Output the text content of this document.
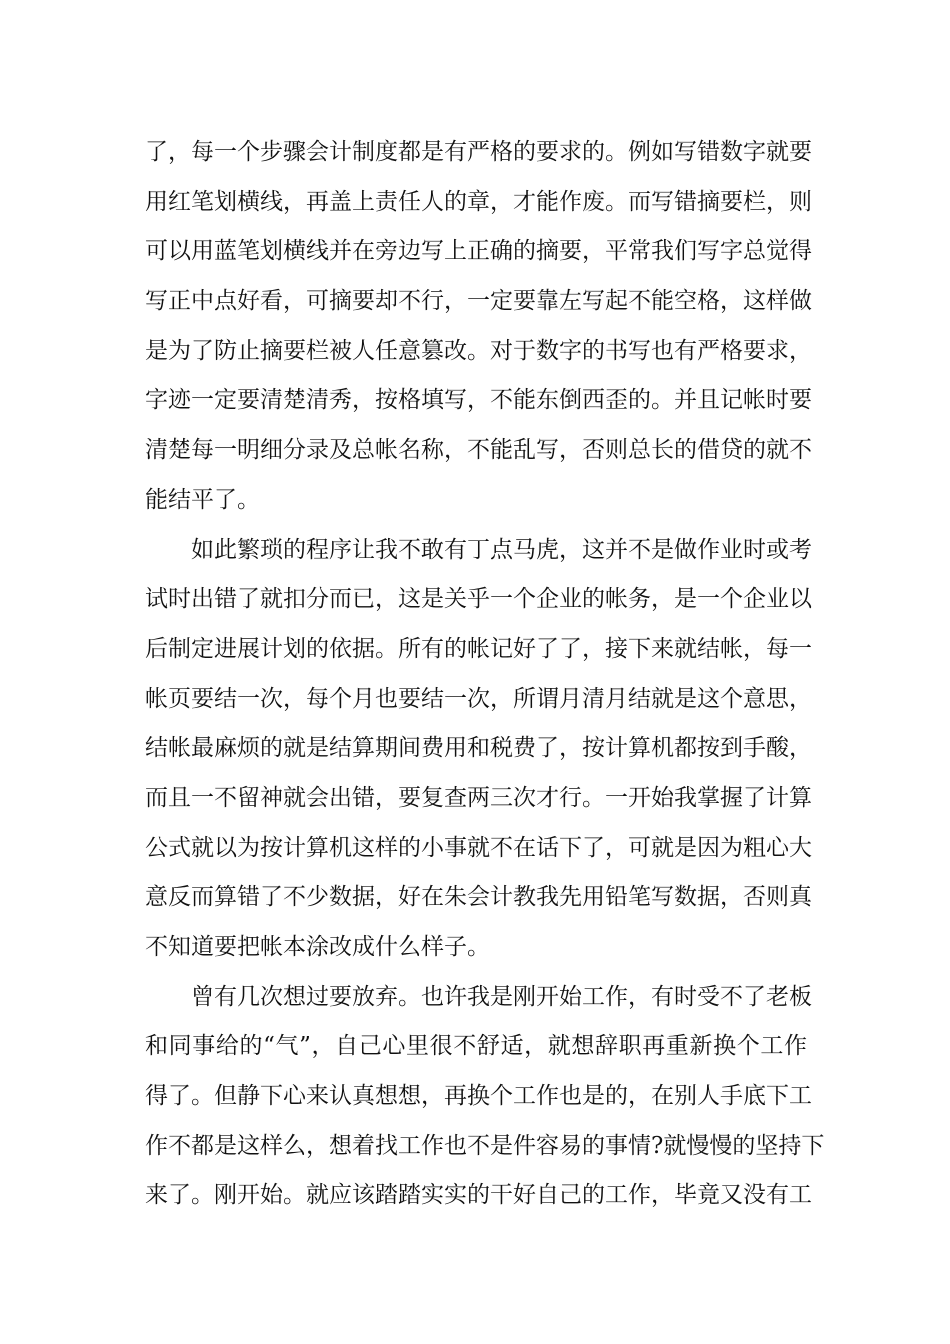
了，每一个步骤会计制度都是有严格的要求的。例如写错数字就要
用红笔划横线，再盖上责任人的章，才能作废。而写错摘要栏，则
可以用蓝笔划横线并在旁边写上正确的摘要，平常我们写字总觉得
写正中点好看，可摘要却不行，一定要靠左写起不能空格，这样做
是为了防止摘要栏被人任意篡改。对于数字的书写也有严格要求，
字迹一定要清楚清秀，按格填写，不能东倒西歪的。并且记帐时要
清楚每一明细分录及总帐名称，不能乱写，否则总长的借贷的就不
能结平了。
如此繁琐的程序让我不敢有丁点马虎，这并不是做作业时或考
试时出错了就扣分而已，这是关乎一个企业的帐务，是一个企业以
后制定进展计划的依据。所有的帐记好了了，接下来就结帐，每一
帐页要结一次，每个月也要结一次，所谓月清月结就是这个意思，
结帐最麻烦的就是结算期间费用和税费了，按计算机都按到手酸，
而且一不留神就会出错，要复查两三次才行。一开始我掌握了计算
公式就以为按计算机这样的小事就不在话下了，可就是因为粗心大
意反而算错了不少数据，好在朱会计教我先用铅笔写数据，否则真
不知道要把帐本涂改成什么样子。
曾有几次想过要放弃。也许我是刚开始工作，有时受不了老板
和同事给的“气”，自己心里很不舒适，就想辞职再重新换个工作
得了。但静下心来认真想想，再换个工作也是的，在别人手底下工
作不都是这样么，想着找工作也不是件容易的事情?就慢慢的坚持下
来了。刚开始。就应该踏踏实实的干好自己的工作，毕竟又没有工
